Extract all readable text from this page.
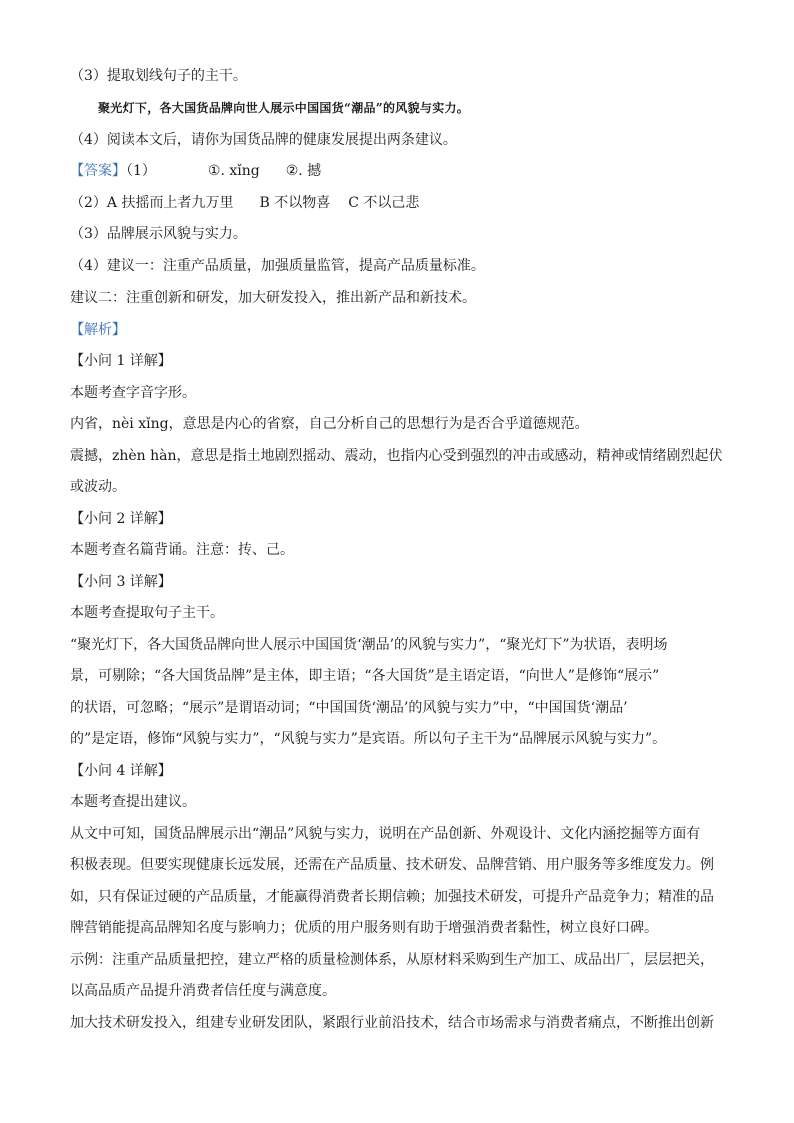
（3）提取划线句子的主干。
聚光灯下，各大国货品牌向世人展示中国国货“潮品”的风貌与实力。
（4）阅读本文后，请你为国货品牌的健康发展提出两条建议。
【答案】（1）	①. xǐng ②. 撼
（2）A 扶摇而上者九万里 B 不以物喜 C 不以己悲
（3）品牌展示风貌与实力。
（4）建议一：注重产品质量，加强质量监管，提高产品质量标准。
建议二：注重创新和研发，加大研发投入，推出新产品和新技术。
【解析】
【小问 1 详解】
本题考查字音字形。
内省，nèi xǐng，意思是内心的省察，自己分析自己的思想行为是否合乎道德规范。
震撼，zhèn hàn，意思是指土地剧烈摇动、震动，也指内心受到强烈的冲击或感动，精神或情绪剧烈起伏
或波动。
【小问 2 详解】
本题考查名篇背诵。注意：抟、己。
【小问 3 详解】
本题考查提取句子主干。
“聚光灯下，各大国货品牌向世人展示中国国货‘潮品’的风貌与实力”，“聚光灯下”为状语，表明场
景，可剔除；“各大国货品牌”是主体，即主语；“各大国货”是主语定语，“向世人”是修饰“展示”
的状语，可忽略；“展示”是谓语动词；“中国国货‘潮品’的风貌与实力”中，“中国国货‘潮品’
的”是定语，修饰“风貌与实力”，“风貌与实力”是宾语。所以句子主干为“品牌展示风貌与实力”。
【小问 4 详解】
本题考查提出建议。
从文中可知，国货品牌展示出“潮品”风貌与实力，说明在产品创新、外观设计、文化内涵挖掘等方面有
积极表现。但要实现健康长远发展，还需在产品质量、技术研发、品牌营销、用户服务等多维度发力。例
如，只有保证过硬的产品质量，才能赢得消费者长期信赖；加强技术研发，可提升产品竞争力；精准的品
牌营销能提高品牌知名度与影响力；优质的用户服务则有助于增强消费者黏性，树立良好口碑。
示例：注重产品质量把控，建立严格的质量检测体系，从原材料采购到生产加工、成品出厂，层层把关，
以高品质产品提升消费者信任度与满意度。
加大技术研发投入，组建专业研发团队，紧跟行业前沿技术，结合市场需求与消费者痛点，不断推出创新
